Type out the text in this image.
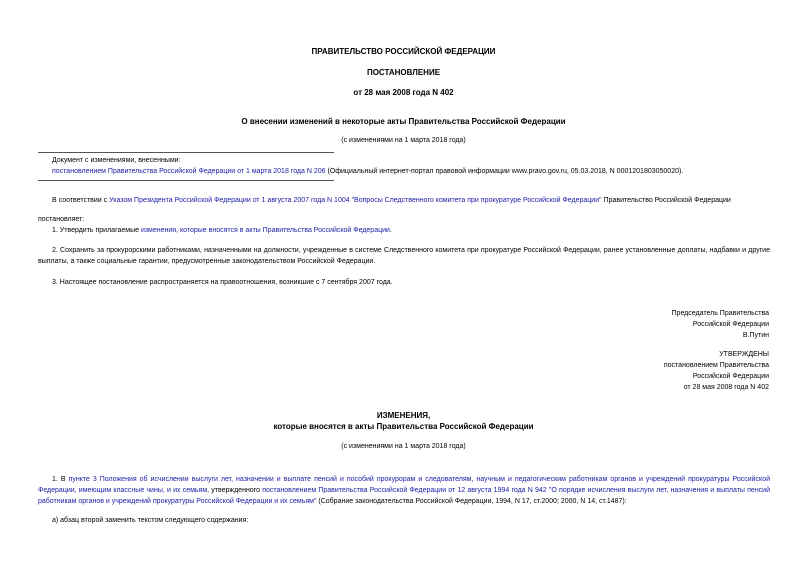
ПРАВИТЕЛЬСТВО РОССИЙСКОЙ ФЕДЕРАЦИИ
ПОСТАНОВЛЕНИЕ
от 28 мая 2008 года N 402
О внесении изменений в некоторые акты Правительства Российской Федерации
(с изменениями на 1 марта 2018 года)
Документ с изменениями, внесенными:
постановлением Правительства Российской Федерации от 1 марта 2018 года N 206 (Официальный интернет-портал правовой информации www.pravo.gov.ru, 05.03.2018, N 0001201803050020).
В соответствии с Указом Президента Российской Федерации от 1 августа 2007 года N 1004 "Вопросы Следственного комитета при прокуратуре Российской Федерации" Правительство Российской Федерации
постановляет:
1. Утвердить прилагаемые изменения, которые вносятся в акты Правительства Российской Федерации.
2. Сохранить за прокурорскими работниками, назначенными на должности, учрежденные в системе Следственного комитета при прокуратуре Российской Федерации, ранее установленные доплаты, надбавки и другие выплаты, а также социальные гарантии, предусмотренные законодательством Российской Федерации.
3. Настоящее постановление распространяется на правоотношения, возникшие с 7 сентября 2007 года.
Председатель Правительства
Российской Федерации
В.Путин
УТВЕРЖДЕНЫ
постановлением Правительства
Российской Федерации
от 28 мая 2008 года N 402
ИЗМЕНЕНИЯ,
которые вносятся в акты Правительства Российской Федерации
(с изменениями на 1 марта 2018 года)
1. В пункте 3 Положения об исчислении выслуги лет, назначении и выплате пенсий и пособий прокурорам и следователям, научным и педагогическим работникам органов и учреждений прокуратуры Российской Федерации, имеющим классные чины, и их семьям, утвержденного постановлением Правительства Российской Федерации от 12 августа 1994 года N 942 "О порядке исчисления выслуги лет, назначения и выплаты пенсий работникам органов и учреждений прокуратуры Российской Федерации и их семьям" (Собрание законодательства Российской Федерации, 1994, N 17, ст.2000; 2000, N 14, ст.1487):
а) абзац второй заменить текстом следующего содержания:
